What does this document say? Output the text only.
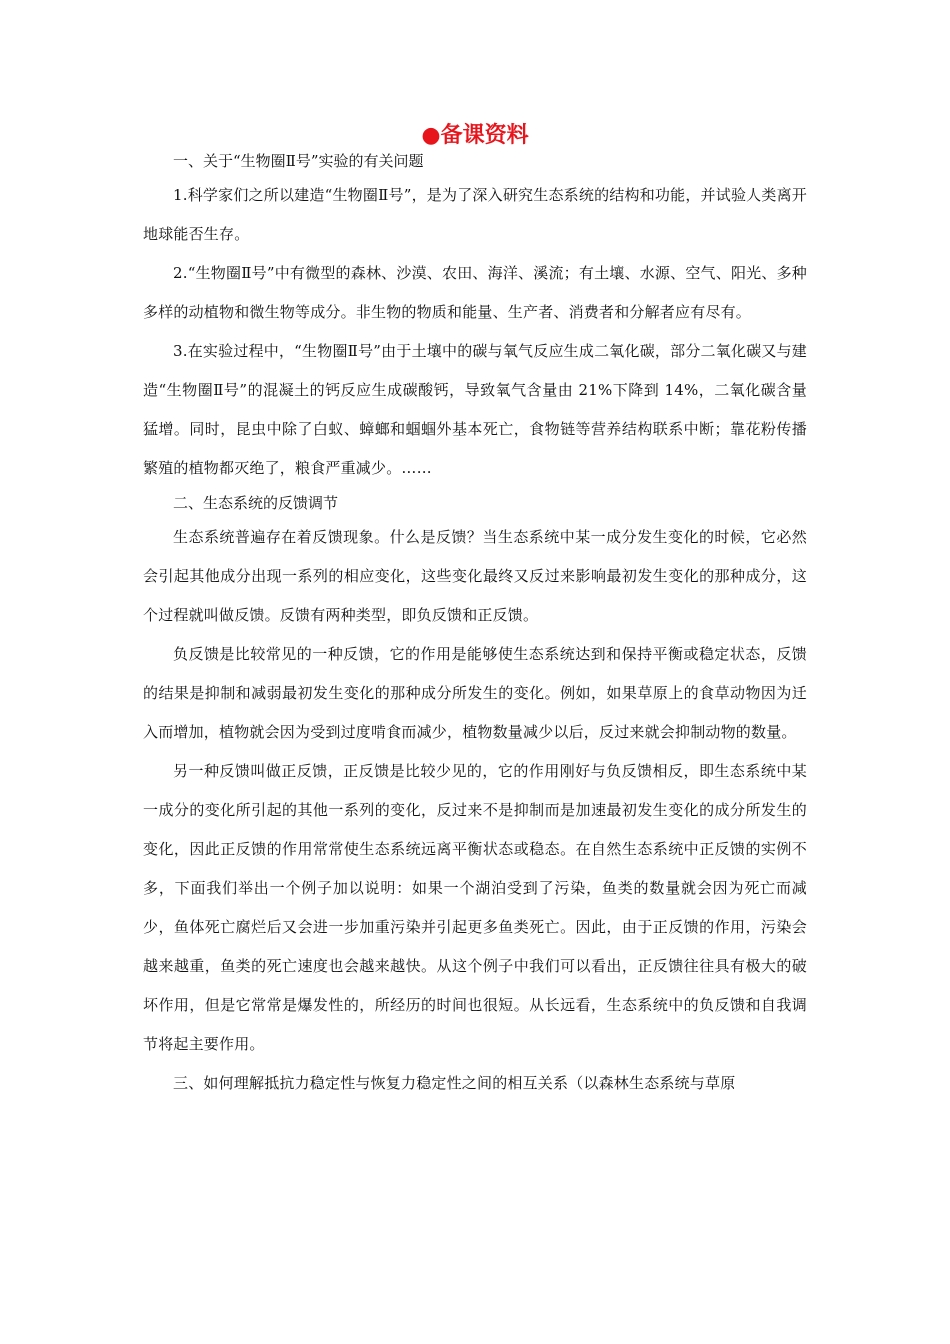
●备课资料

一、关于“生物圈Ⅱ号”实验的有关问题

1.科学家们之所以建造“生物圈Ⅱ号”，是为了深入研究生态系统的结构和功能，并试验人类离开地球能否生存。

2.“生物圈Ⅱ号”中有微型的森林、沙漠、农田、海洋、溪流；有土壤、水源、空气、阳光、多种多样的动植物和微生物等成分。非生物的物质和能量、生产者、消费者和分解者应有尽有。

3.在实验过程中，“生物圈Ⅱ号”由于土壤中的碳与氧气反应生成二氧化碳，部分二氧化碳又与建造“生物圈Ⅱ号”的混凝土的钙反应生成碳酸钙，导致氧气含量由 21%下降到 14%，二氧化碳含量猛增。同时，昆虫中除了白蚁、蟑螂和蝈蝈外基本死亡，食物链等营养结构联系中断；靠花粉传播繁殖的植物都灭绝了，粮食严重减少。……

二、生态系统的反馈调节

生态系统普遍存在着反馈现象。什么是反馈？当生态系统中某一成分发生变化的时候，它必然会引起其他成分出现一系列的相应变化，这些变化最终又反过来影响最初发生变化的那种成分，这个过程就叫做反馈。反馈有两种类型，即负反馈和正反馈。

负反馈是比较常见的一种反馈，它的作用是能够使生态系统达到和保持平衡或稳定状态，反馈的结果是抑制和减弱最初发生变化的那种成分所发生的变化。例如，如果草原上的食草动物因为迁入而增加，植物就会因为受到过度啃食而减少，植物数量减少以后，反过来就会抑制动物的数量。

另一种反馈叫做正反馈，正反馈是比较少见的，它的作用刚好与负反馈相反，即生态系统中某一成分的变化所引起的其他一系列的变化，反过来不是抑制而是加速最初发生变化的成分所发生的变化，因此正反馈的作用常常使生态系统远离平衡状态或稳态。在自然生态系统中正反馈的实例不多，下面我们举出一个例子加以说明：如果一个湖泊受到了污染，鱼类的数量就会因为死亡而减少，鱼体死亡腐烂后又会进一步加重污染并引起更多鱼类死亡。因此，由于正反馈的作用，污染会越来越重，鱼类的死亡速度也会越来越快。从这个例子中我们可以看出，正反馈往往具有极大的破坏作用，但是它常常是爆发性的，所经历的时间也很短。从长远看，生态系统中的负反馈和自我调节将起主要作用。

三、如何理解抵抗力稳定性与恢复力稳定性之间的相互关系（以森林生态系统与草原
